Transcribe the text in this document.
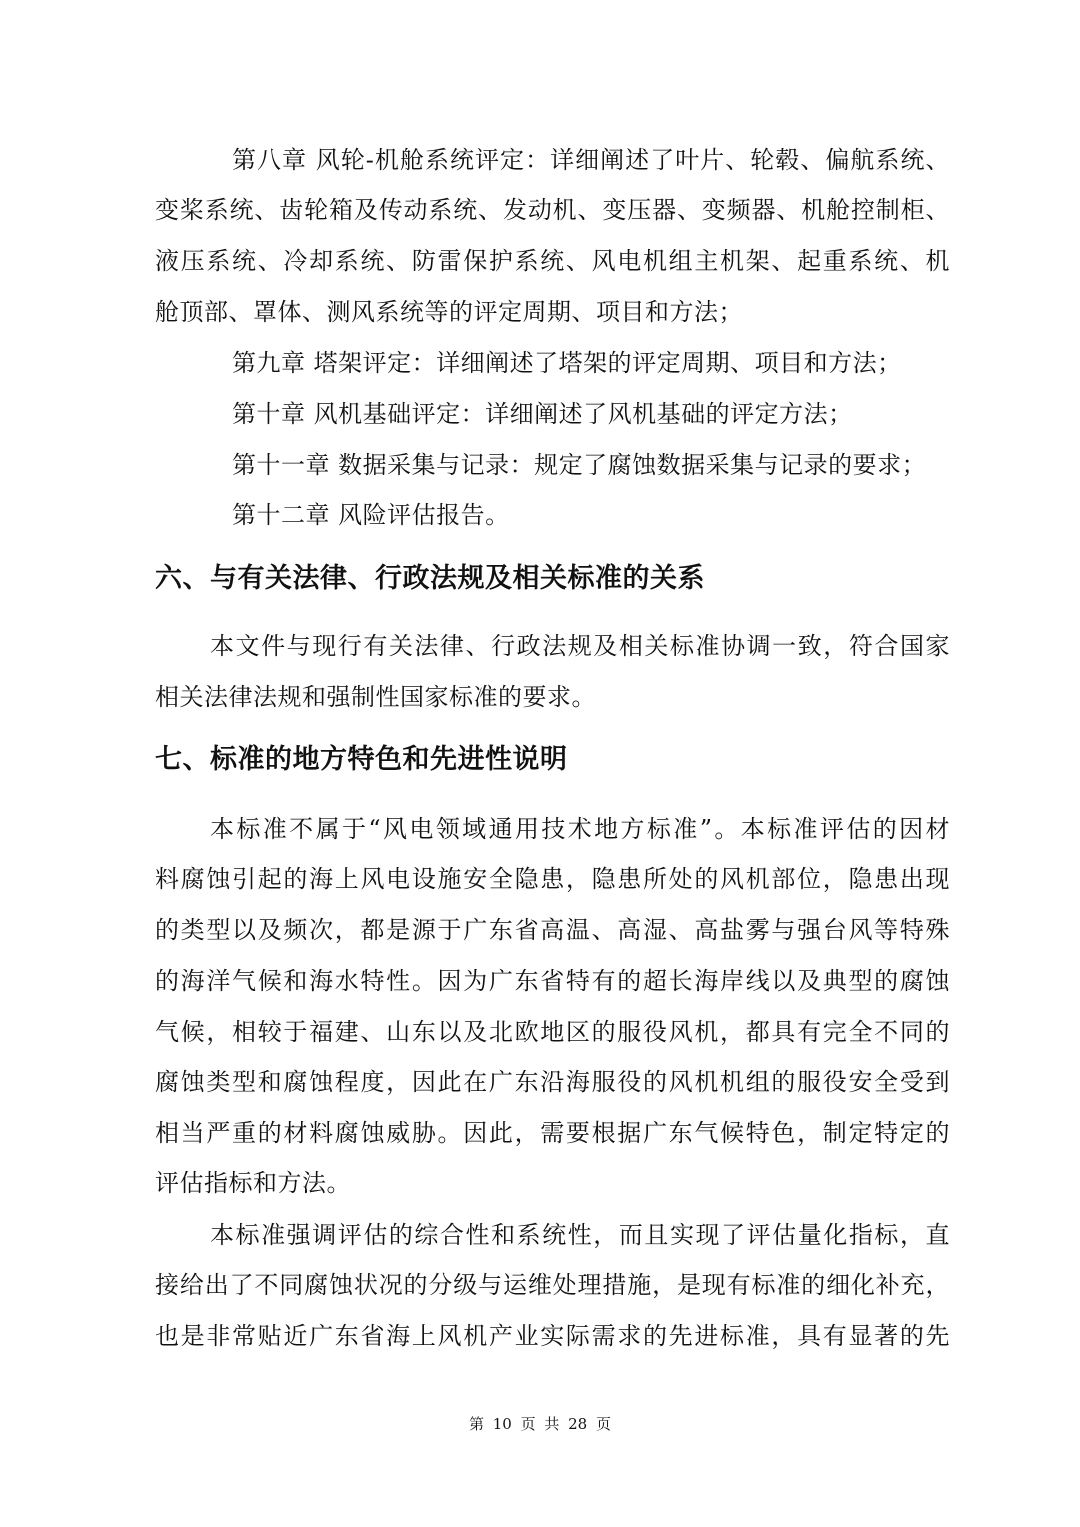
第八章 风轮-机舱系统评定：详细阐述了叶片、轮毂、偏航系统、
变桨系统、齿轮箱及传动系统、发动机、变压器、变频器、机舱控制柜、
液压系统、冷却系统、防雷保护系统、风电机组主机架、起重系统、机
舱顶部、罩体、测风系统等的评定周期、项目和方法；
第九章 塔架评定：详细阐述了塔架的评定周期、项目和方法；
第十章 风机基础评定：详细阐述了风机基础的评定方法；
第十一章 数据采集与记录：规定了腐蚀数据采集与记录的要求；
第十二章 风险评估报告。
六、与有关法律、行政法规及相关标准的关系
本文件与现行有关法律、行政法规及相关标准协调一致，符合国家
相关法律法规和强制性国家标准的要求。
七、标准的地方特色和先进性说明
本标准不属于“风电领域通用技术地方标准”。本标准评估的因材
料腐蚀引起的海上风电设施安全隐患，隐患所处的风机部位，隐患出现
的类型以及频次，都是源于广东省高温、高湿、高盐雾与强台风等特殊
的海洋气候和海水特性。因为广东省特有的超长海岸线以及典型的腐蚀
气候，相较于福建、山东以及北欧地区的服役风机，都具有完全不同的
腐蚀类型和腐蚀程度，因此在广东沿海服役的风机机组的服役安全受到
相当严重的材料腐蚀威胁。因此，需要根据广东气候特色，制定特定的
评估指标和方法。
本标准强调评估的综合性和系统性，而且实现了评估量化指标，直
接给出了不同腐蚀状况的分级与运维处理措施，是现有标准的细化补充，
也是非常贴近广东省海上风机产业实际需求的先进标准，具有显著的先
第 10 页 共 28 页
